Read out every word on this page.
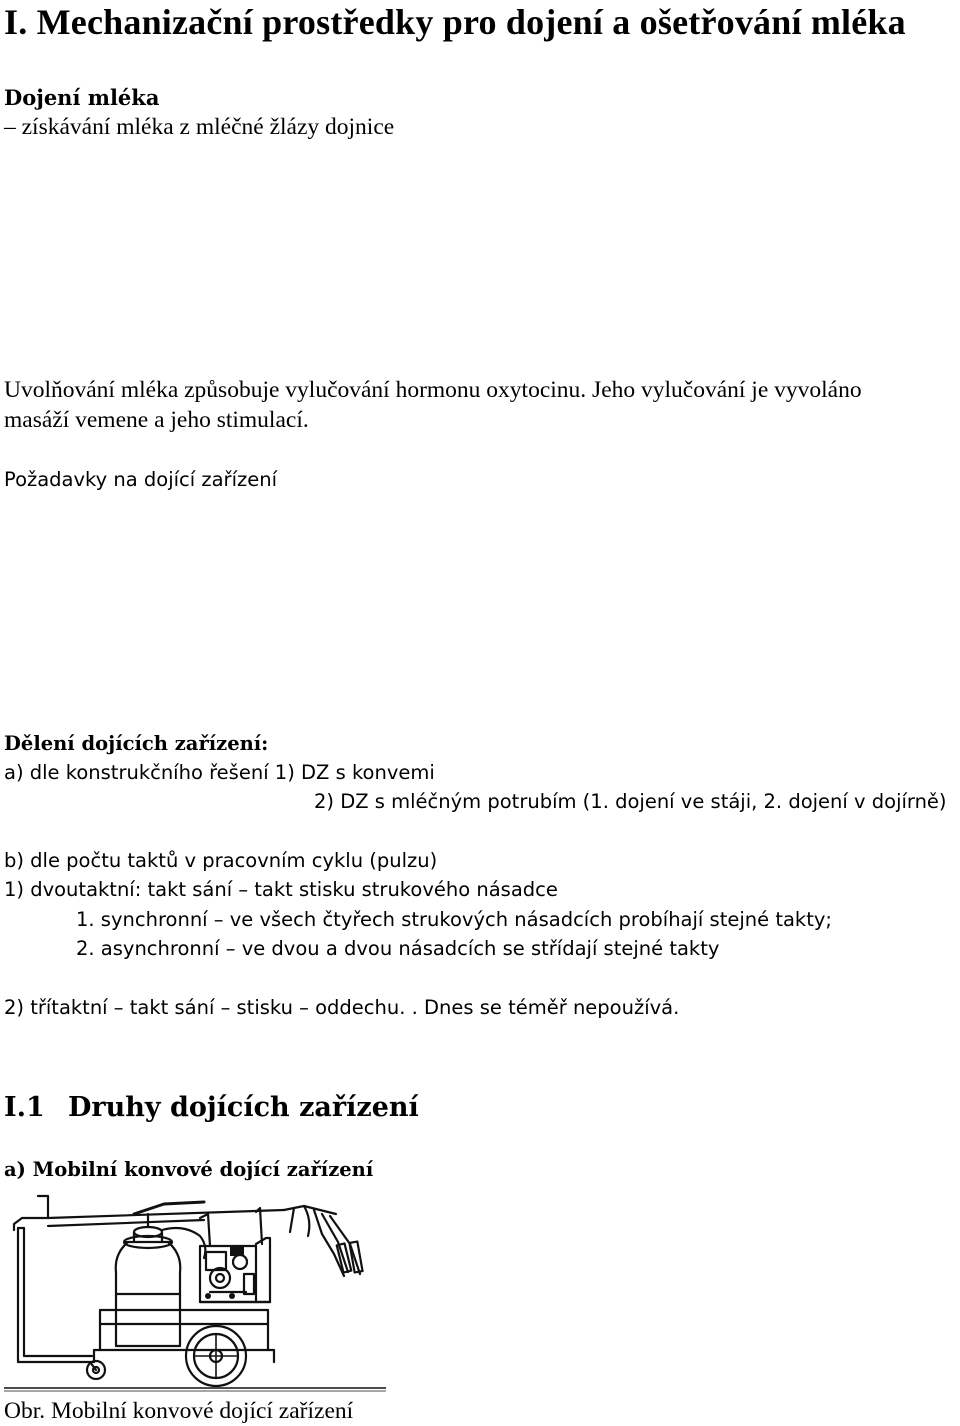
I. Mechanizační prostředky pro dojení a ošetřování mléka
Dojení mléka
– získávání mléka z mléčné žlázy dojnice
Uvolňování mléka způsobuje vylučování hormonu oxytocinu. Jeho vylučování je vyvoláno
masáží vemene a jeho stimulací.
Požadavky na dojící zařízení
Dělení dojících zařízení:
a) dle konstrukčního řešení 1) DZ s konvemi
2) DZ s mléčným potrubím (1. dojení ve stáji, 2. dojení v dojírně)
b) dle počtu taktů v pracovním cyklu (pulzu)
1) dvoutaktní: takt sání – takt stisku strukového násadce
1. synchronní – ve všech čtyřech strukových násadcích probíhají stejné takty;
2. asynchronní – ve dvou a dvou násadcích se střídají stejné takty
2) třítaktní – takt sání – stisku – oddechu. . Dnes se téměř nepoužívá.
I.1 Druhy dojících zařízení
a) Mobilní konvové dojící zařízení
Obr. Mobilní konvové dojící zařízení
